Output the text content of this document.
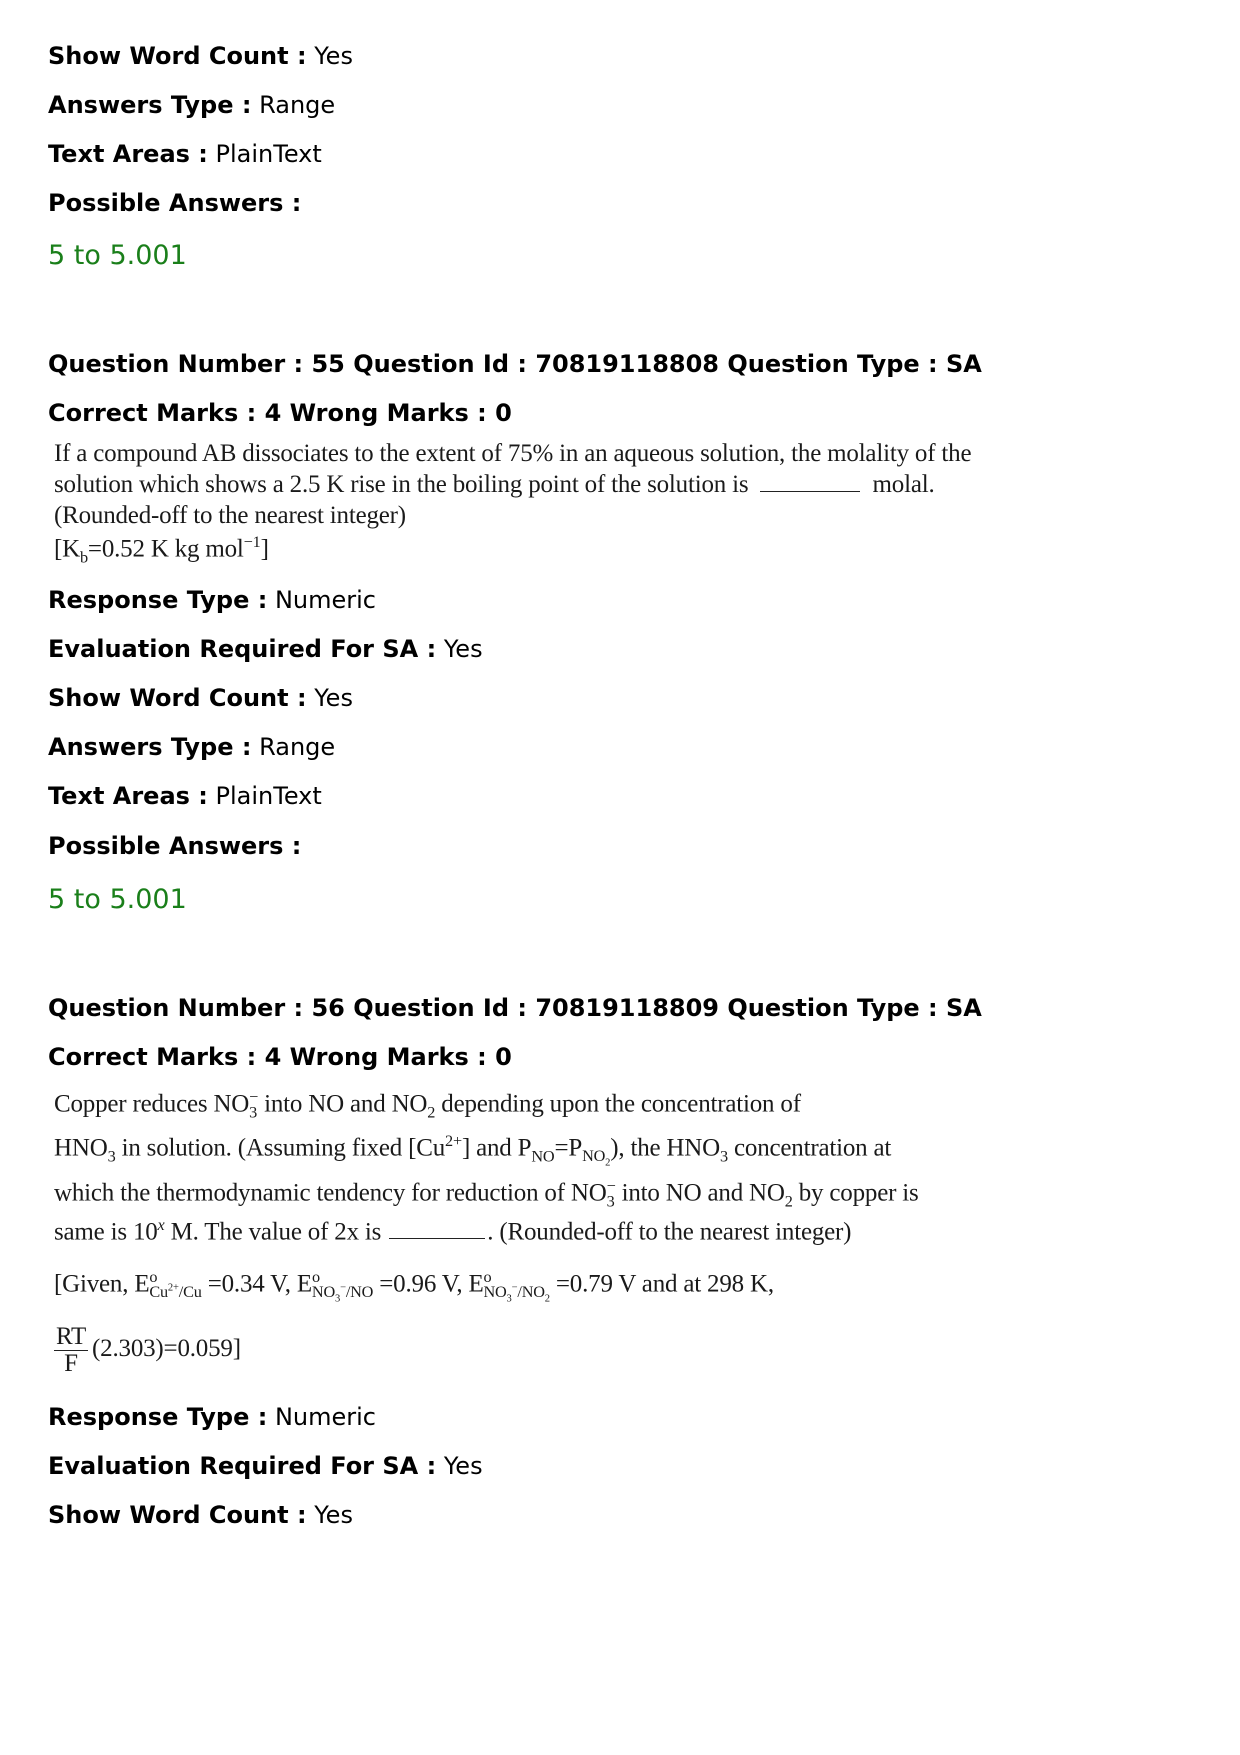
Show Word Count : Yes
Answers Type : Range
Text Areas : PlainText
Possible Answers :
5 to 5.001
Question Number : 55 Question Id : 70819118808 Question Type : SA
Correct Marks : 4 Wrong Marks : 0
If a compound AB dissociates to the extent of 75% in an aqueous solution, the molality of the
solution which shows a 2.5 K rise in the boiling point of the solution is	molal.
(Rounded-off to the nearest integer)
[$K_b=0.52$ K kg mol$^{-1}$]
Response Type : Numeric
Evaluation Required For SA : Yes
Show Word Count : Yes
Answers Type : Range
Text Areas : PlainText
Possible Answers :
5 to 5.001
Question Number : 56 Question Id : 70819118809 Question Type : SA
Correct Marks : 4 Wrong Marks : 0
Copper reduces $NO_3^-$ into NO and $NO_2$ depending upon the concentration of
$HNO_3$ in solution. (Assuming fixed $[Cu^{2+}]$ and $P_{NO}=P_{NO_2}$), the $HNO_3$ concentration at
which the thermodynamic tendency for reduction of $NO_3^-$ into NO and $NO_2$ by copper is
same is 10$^x$ M. The value of 2x is	. (Rounded-off to the nearest integer)
[Given, $E^o_{Cu^{2+}/Cu} =0.34$ V, $E^o_{NO_3^-/NO} =0.96$ V, $E^o_{NO_3^-/NO_2} =0.79$ V and at 298 K,
$\frac{RT}{F} (2.303)=0.059$]
Response Type : Numeric
Evaluation Required For SA : Yes
Show Word Count : Yes
